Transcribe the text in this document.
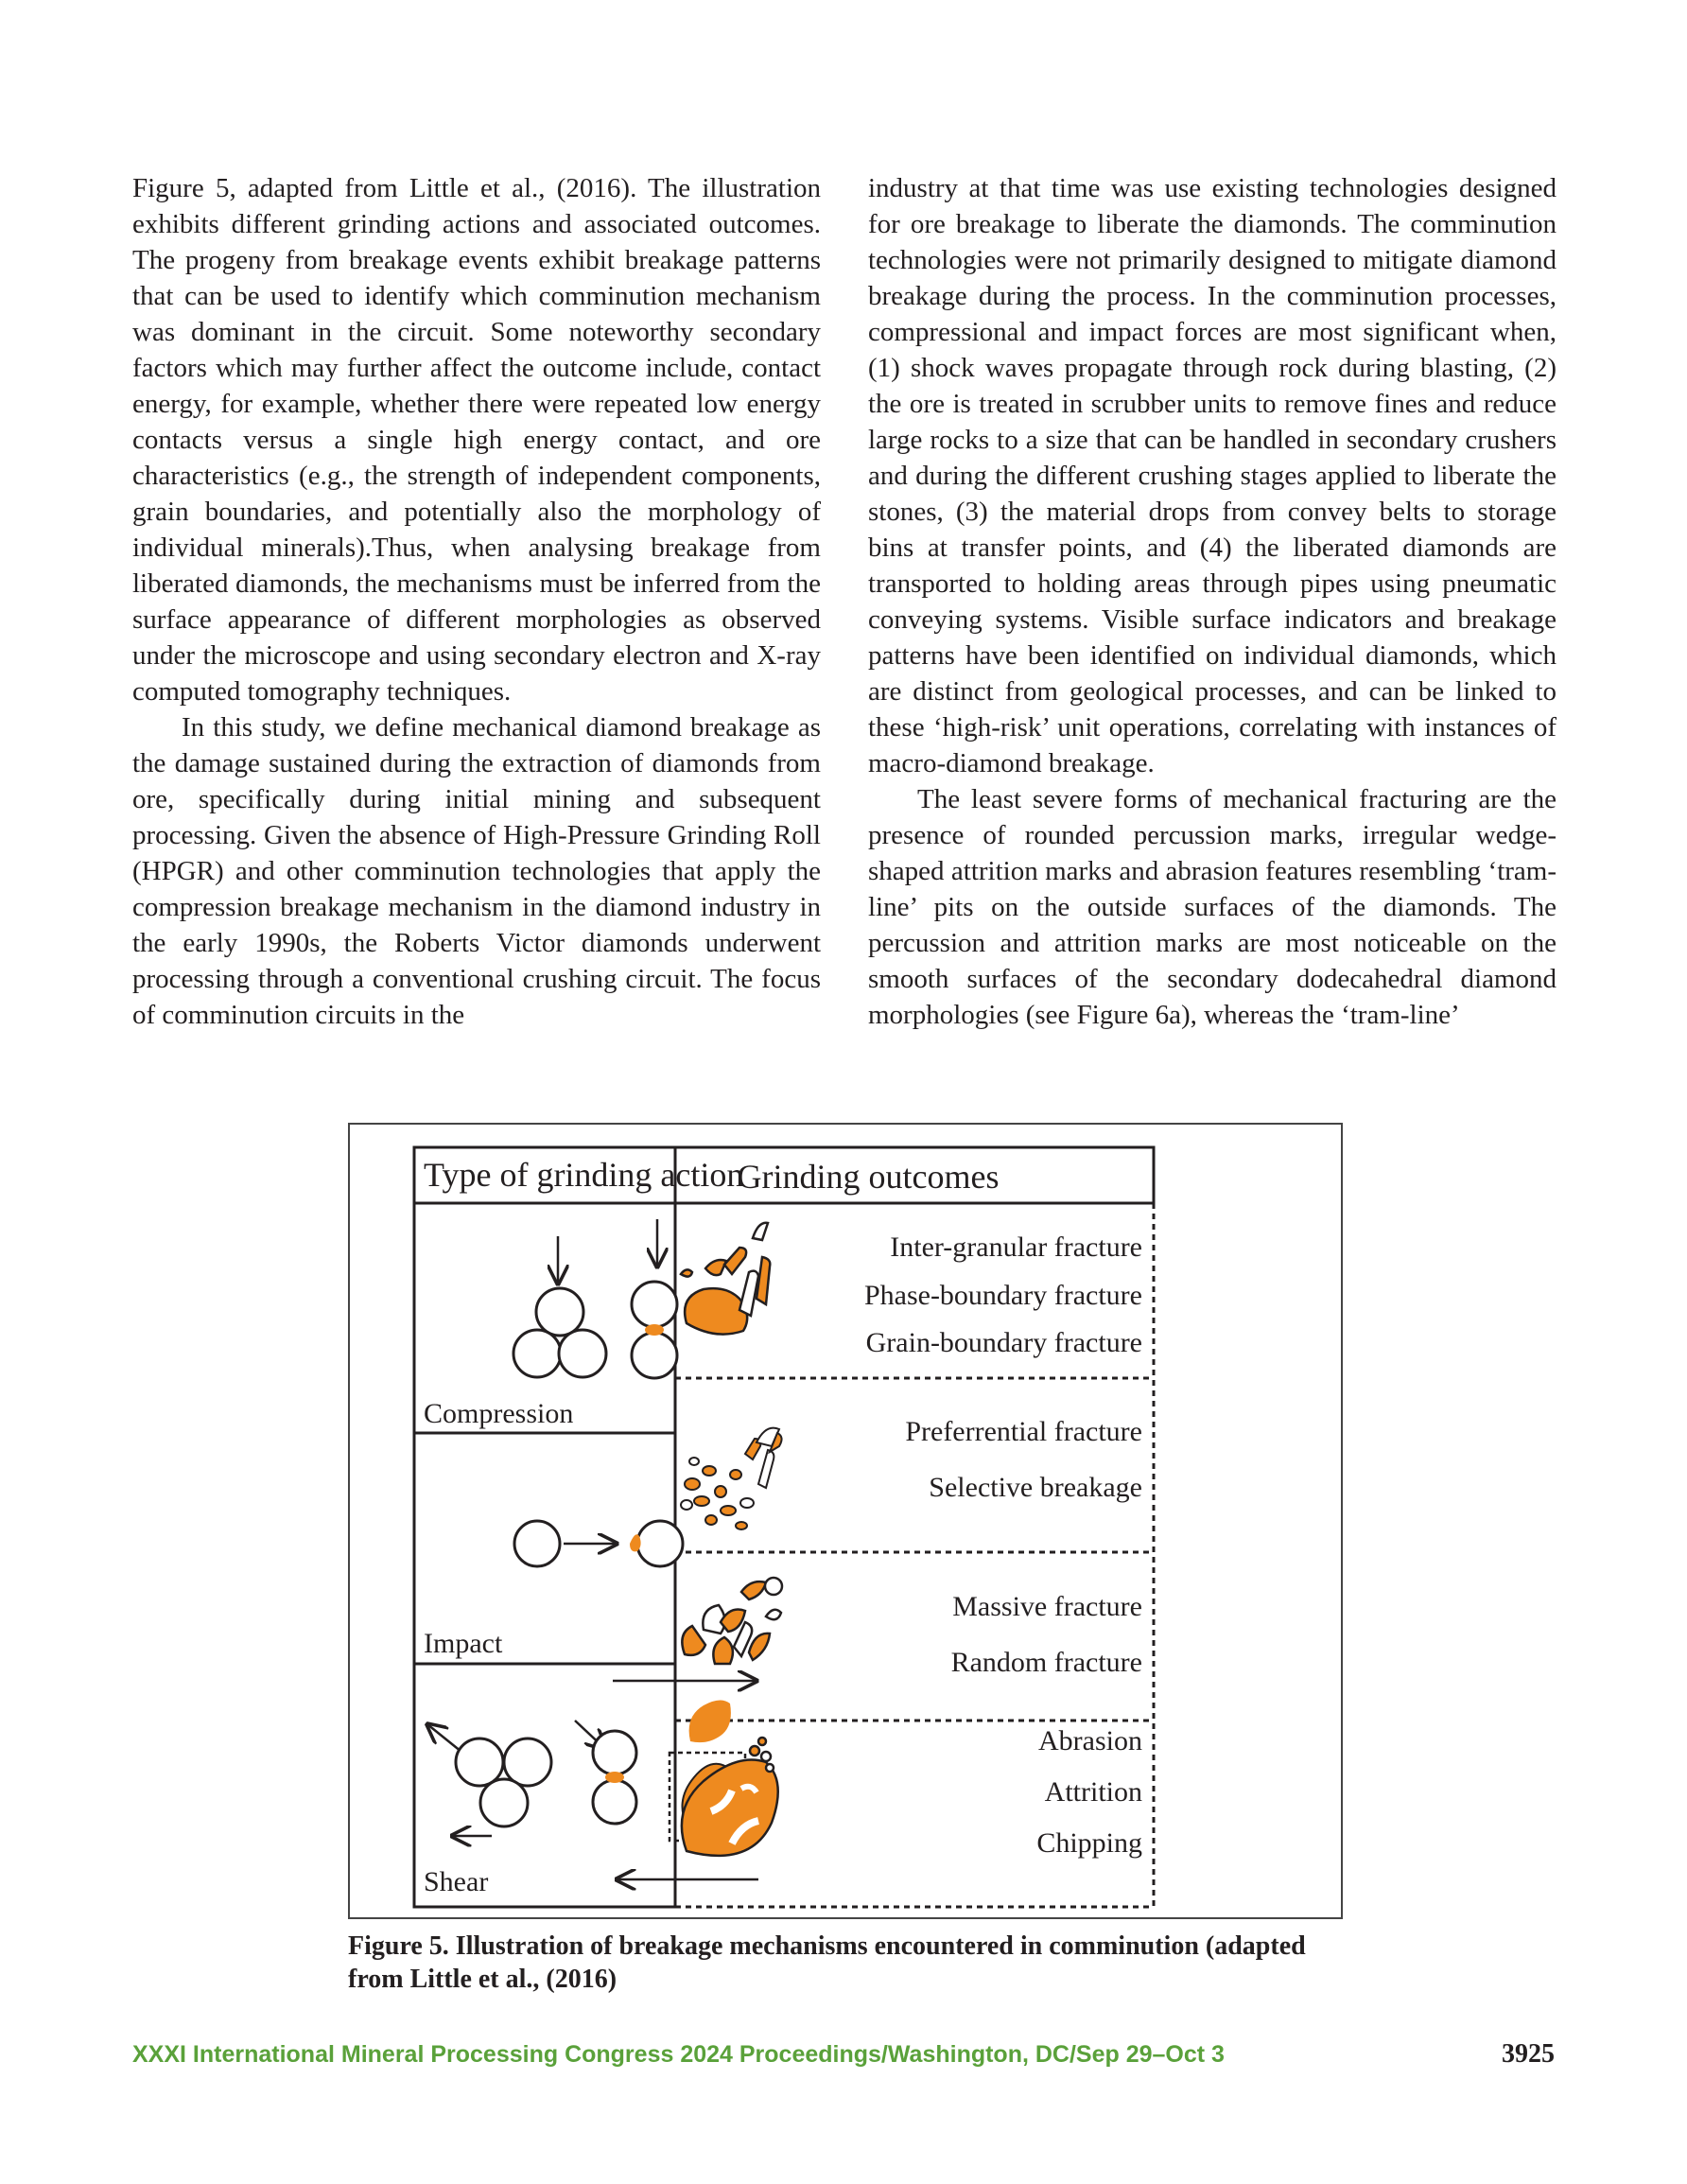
Figure 5, adapted from Little et al., (2016). The illustration exhibits different grinding actions and associated outcomes. The progeny from breakage events exhibit breakage patterns that can be used to identify which comminution mechanism was dominant in the circuit. Some noteworthy secondary factors which may further affect the outcome include, contact energy, for example, whether there were repeated low energy contacts versus a single high energy contact, and ore characteristics (e.g., the strength of independent components, grain boundaries, and potentially also the morphology of individual minerals).Thus, when analysing breakage from liberated diamonds, the mechanisms must be inferred from the surface appearance of different morphologies as observed under the microscope and using secondary electron and X-ray computed tomography techniques.

In this study, we define mechanical diamond breakage as the damage sustained during the extraction of diamonds from ore, specifically during initial mining and subsequent processing. Given the absence of High-Pressure Grinding Roll (HPGR) and other comminution technologies that apply the compression breakage mechanism in the diamond industry in the early 1990s, the Roberts Victor diamonds underwent processing through a conventional crushing circuit. The focus of comminution circuits in the

industry at that time was use existing technologies designed for ore breakage to liberate the diamonds. The comminution technologies were not primarily designed to mitigate diamond breakage during the process. In the comminution processes, compressional and impact forces are most significant when, (1) shock waves propagate through rock during blasting, (2) the ore is treated in scrubber units to remove fines and reduce large rocks to a size that can be handled in secondary crushers and during the different crushing stages applied to liberate the stones, (3) the material drops from convey belts to storage bins at transfer points, and (4) the liberated diamonds are transported to holding areas through pipes using pneumatic conveying systems. Visible surface indicators and breakage patterns have been identified on individual diamonds, which are distinct from geological processes, and can be linked to these ‘high-risk’ unit operations, correlating with instances of macro-diamond breakage.

The least severe forms of mechanical fracturing are the presence of rounded percussion marks, irregular wedge-shaped attrition marks and abrasion features resembling ‘tram-line’ pits on the outside surfaces of the diamonds. The percussion and attrition marks are most noticeable on the smooth surfaces of the secondary dodecahedral diamond morphologies (see Figure 6a), whereas the ‘tram-line’

Type of grinding action
Grinding outcomes
Compression
Impact
Shear
Inter-granular fracture
Phase-boundary fracture
Grain-boundary fracture
Preferrential fracture
Selective breakage
Massive fracture
Random fracture
Abrasion
Attrition
Chipping
Figure 5. Illustration of breakage mechanisms encountered in comminution (adapted from Little et al., (2016)
XXXI International Mineral Processing Congress 2024 Proceedings/Washington, DC/Sep 29–Oct 3	3925
